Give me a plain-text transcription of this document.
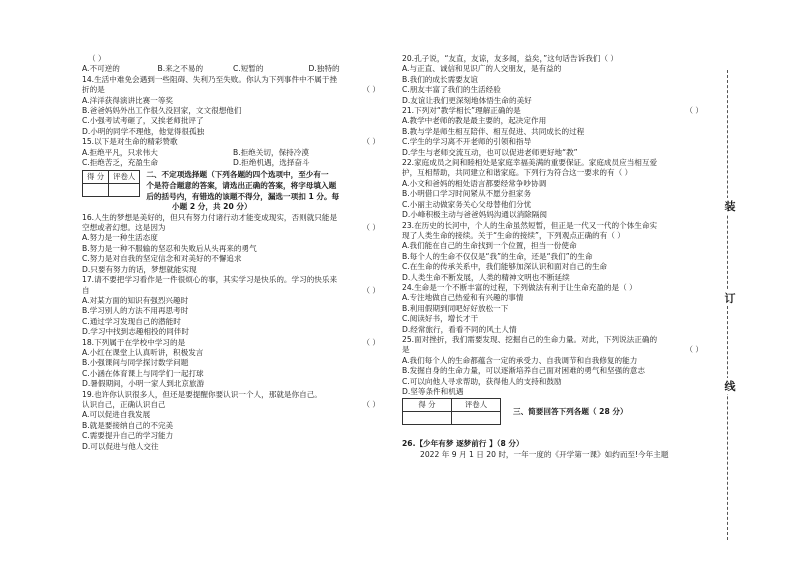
（ ）
A.不可逆的	B.来之不易的	C.短暂的	D.独特的
14.生活中难免会遇到一些阻碍、失利乃至失败。你认为下列事件中不属于挫
折的是	（ ）
A.洋洋获得演讲比赛一等奖
B.爸爸妈妈外出工作很久没回家，文文很想他们
C.小强考试考砸了，又挨老师批评了
D.小明的同学不理他，他觉得很孤独
15.以下是对生命的精彩赞歌	（ ）
A.拒绝平凡，只求伟大	B.拒绝关切，保持冷漠
C.拒绝苦乏，充盈生命	D.拒绝机遇，选择奋斗
得 分	评卷人
	二、不定项选择题（下列各题的四个选项中，至少有一
个是符合题意的答案，请选出正确的答案，将字母填入题
后的括号内，有错选的该题不得分，漏选一项扣 1 分。每
小题 2 分，共 20 分）
16.人生的梦想是美好的，但只有努力付诸行动才能变成现实，否则就只能是
空想或者幻想。这是因为	（ ）
A.努力是一种生活态度
B.努力是一种不服输的坚忍和失败后从头再来的勇气
C.努力是对自我的坚定信念和对美好的不懈追求
D.只要有努力的话，梦想就能实现
17.请不要把学习看作是一件很烦心的事，其实学习是快乐的。学习的快乐来
自	（ ）
A.对某方面的知识有强烈兴趣时
B.学习别人的方法不用再思考时
C.通过学习发现自己的潜能时
D.学习中找到志趣相投的同伴时
18.下列属于在学校中学习的是	（ ）
A.小红在课堂上认真听讲，积极发言
B.小强课间与同学探讨数学问题
C.小涵在体育课上与同学们一起打球
D.暑假期间，小明一家人到北京旅游
19.也许你认识很多人，但还是要提醒你要认识一个人，那就是你自己。
认识自己，正确认识自己	（ ）
A.可以促进自我发展
B.就是要接纳自己的不完美
C.需要提升自己的学习能力
D.可以促进与他人交往
20.孔子说，“友直，友谅，友多闻，益矣，”这句话告诉我们（ ）
A.与正直、诚信和见识广的人交朋友，是有益的
B.我们的成长需要友谊
C.朋友丰富了我们的生活经验
D.友谊让我们更深刻地体悟生命的美好
21.下列对“教学相长”理解正确的是	（ ）
A.教学中老师的教是最主要的，起决定作用
B.教与学是师生相互陪伴、相互促进、共同成长的过程
C.学生的学习离不开老师的引领和指导
D.学生与老师交流互动，也可以促进老师更好地“教”
22.家庭成员之间和睦相处是家庭幸福美满的重要保证。家庭成员应当相互爱
护，互相帮助，共同建立和谐家庭。下列行为符合这一要求的有（ ）
A.小文和爸妈的相处语言都要经常争吵协调
B.小明借口学习时间紧从不愿分担家务
C.小丽主动做家务关心父母替他们分忧
D.小峰积极主动与爸爸妈妈沟通以消除隔阂
23.在历史的长河中，个人的生命虽然短暂，但正是一代又一代的个体生命实
现了人类生命的接续。关于“生命的接续”，下列观点正确的有（ ）
A.我们能在自己的生命找到一个位置，担当一份使命
B.每个人的生命不仅仅是“我”的生命，还是“我们”的生命
C.在生命的传承关系中，我们能够加深认识和面对自己的生命
D.人类生命不断发展，人类的精神文明也不断延续
24.生命是一个不断丰富的过程，下列做法有利于让生命充盈的是（ ）
A.专注地做自己热爱和有兴趣的事情
B.利用假期到同吧好好放松一下
C.阅读好书，增长才干
D.经常旅行，看看不同的风土人情
25.面对挫折，我们需要发现、挖掘自己的生命力量。对此，下列说法正确的
是	（ ）
A.我们每个人的生命都蕴含一定的承受力、自我调节和自我修复的能力
B.发掘自身的生命力量，可以逐渐培养自己面对困难的勇气和坚强的意志
C.可以向他人寻求帮助，获得他人的支持和鼓励
D.坚等条件和机遇
得 分	评卷人

三、简要回答下列各题（ 28 分）
26.【少年有梦 逐梦前行 】（8 分）
2022 年 9 月 1 日 20 时，一年一度的《开学第一课》如约而至!今年主题
装
订
线
